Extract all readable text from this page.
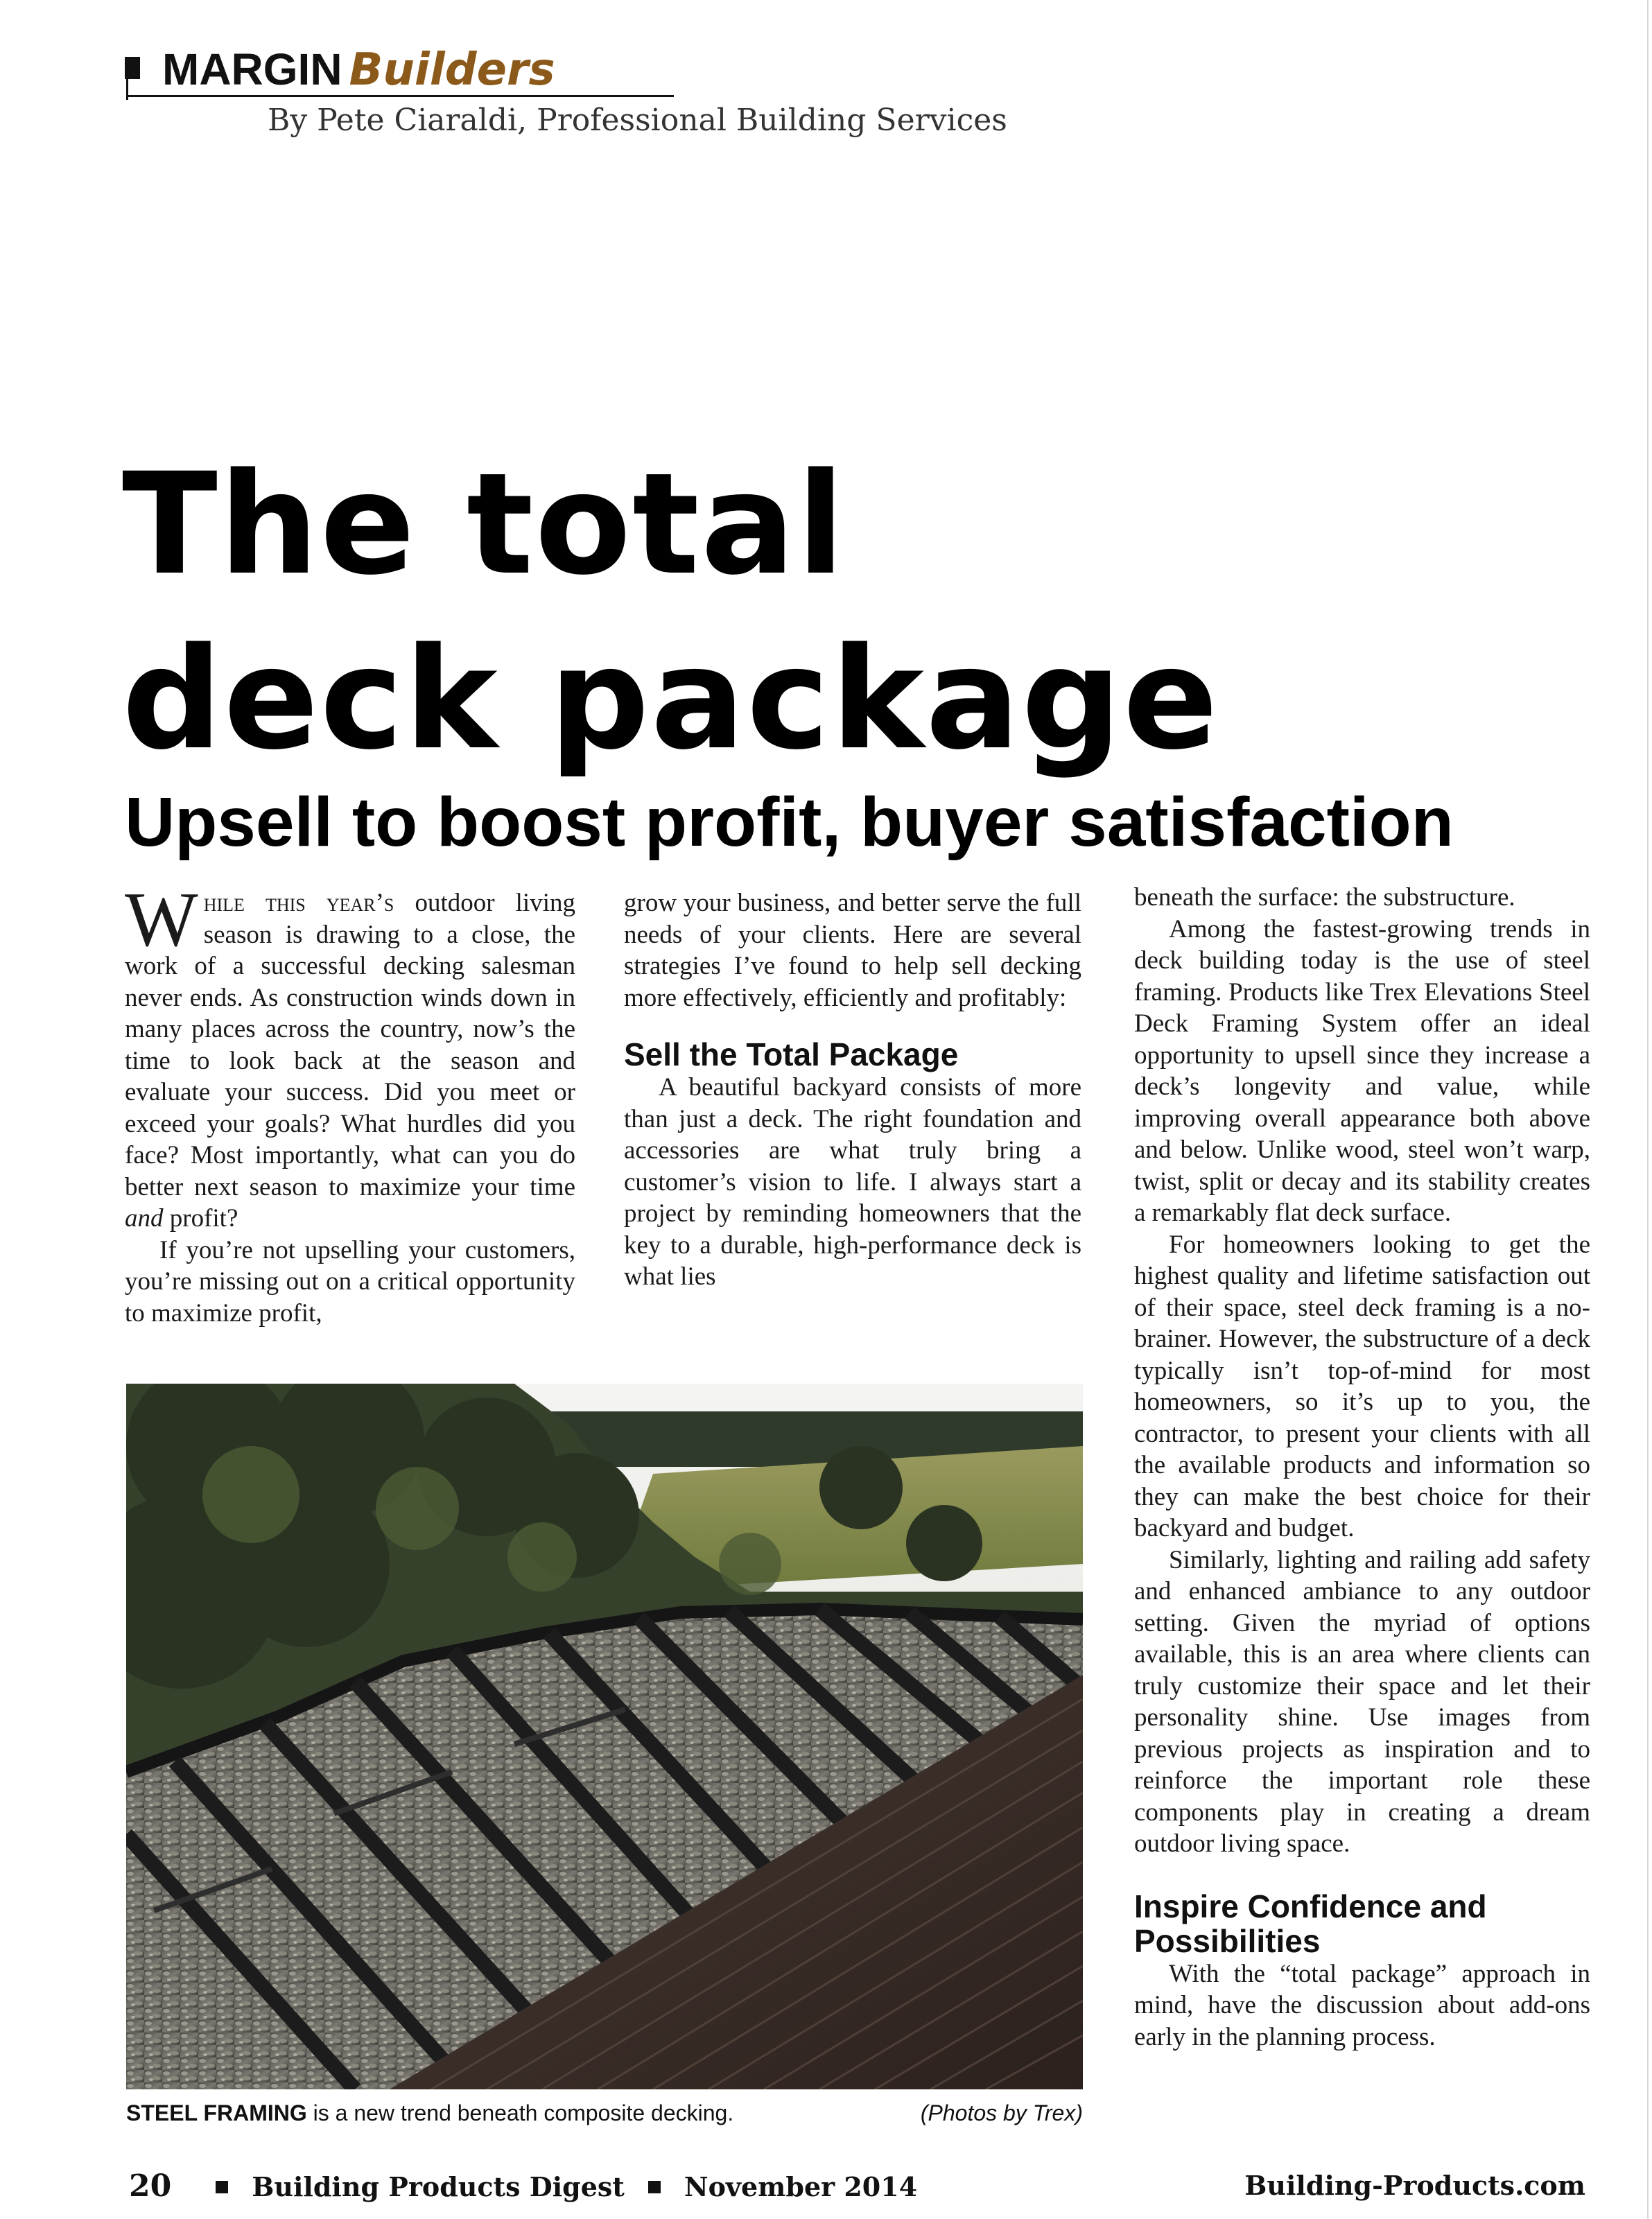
MARGIN Builders
By Pete Ciaraldi, Professional Building Services
The total
deck package
Upsell to boost profit, buyer satisfaction

While this year’s outdoor living season is drawing to a close, the work of a successful decking salesman never ends. As construction winds down in many places across the country, now’s the time to look back at the season and evaluate your success. Did you meet or exceed your goals? What hurdles did you face? Most importantly, what can you do better next season to maximize your time and profit?

If you’re not upselling your customers, you’re missing out on a critical opportunity to maximize profit,

grow your business, and better serve the full needs of your clients. Here are several strategies I’ve found to help sell decking more effectively, efficiently and profitably:

Sell the Total Package

A beautiful backyard consists of more than just a deck. The right foundation and accessories are what truly bring a customer’s vision to life. I always start a project by reminding homeowners that the key to a durable, high-performance deck is what lies

beneath the surface: the substructure.

Among the fastest-growing trends in deck building today is the use of steel framing. Products like Trex Elevations Steel Deck Framing System offer an ideal opportunity to upsell since they increase a deck’s longevity and value, while improving overall appearance both above and below. Unlike wood, steel won’t warp, twist, split or decay and its stability creates a remarkably flat deck surface.

For homeowners looking to get the highest quality and lifetime satisfaction out of their space, steel deck framing is a no-brainer. However, the substructure of a deck typically isn’t top-of-mind for most homeowners, so it’s up to you, the contractor, to present your clients with all the available products and information so they can make the best choice for their backyard and budget.

Similarly, lighting and railing add safety and enhanced ambiance to any outdoor setting. Given the myriad of options available, this is an area where clients can truly customize their space and let their personality shine. Use images from previous projects as inspiration and to reinforce the important role these components play in creating a dream outdoor living space.

Inspire Confidence and Possibilities

With the “total package” approach in mind, have the discussion about add-ons early in the planning process.

STEEL FRAMING is a new trend beneath composite decking.	(Photos by Trex)
20	Building Products Digest November 2014	Building-Products.com
